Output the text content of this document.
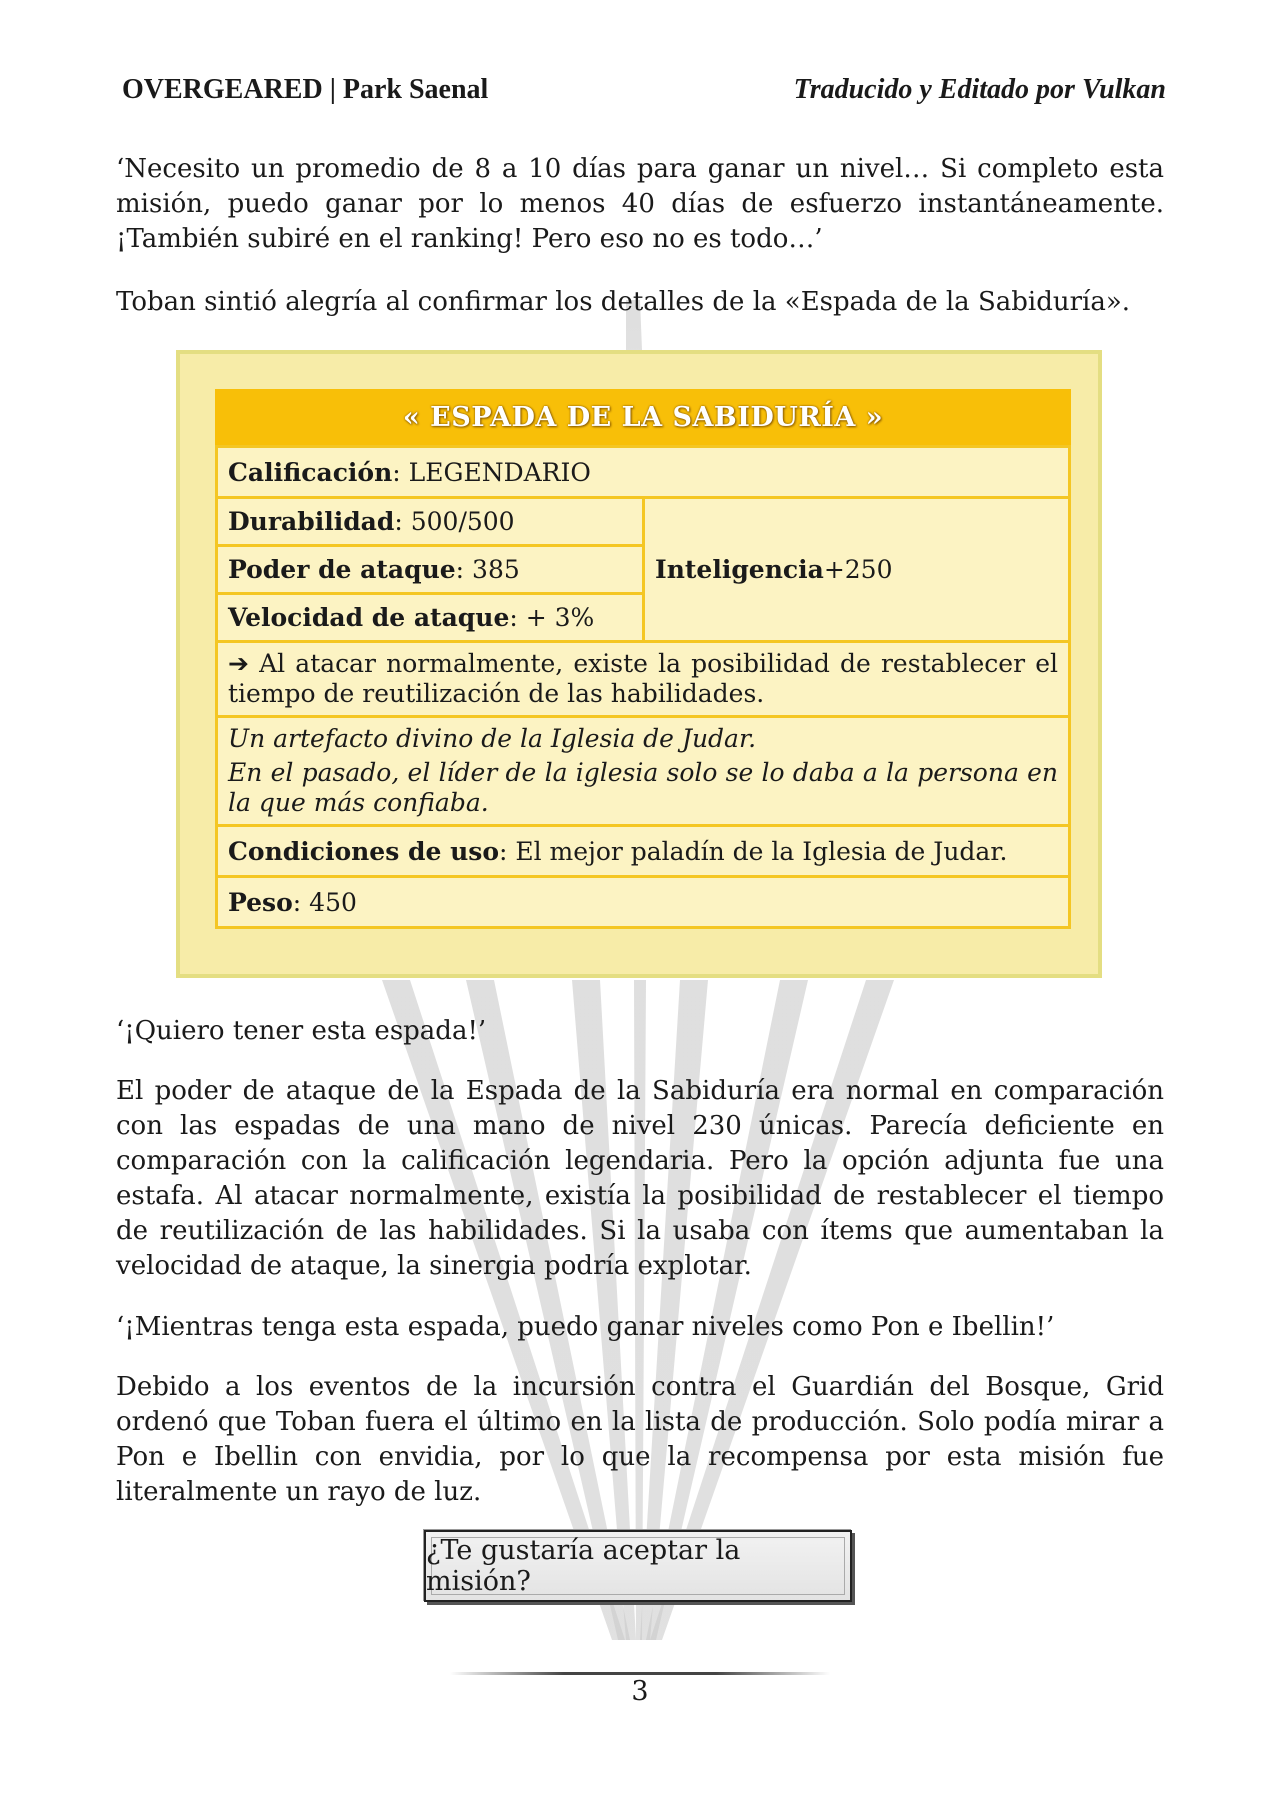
OVERGEARED | Park Saenal	Traducido y Editado por Vulkan
‘Necesito un promedio de 8 a 10 días para ganar un nivel… Si completo esta misión, puedo ganar por lo menos 40 días de esfuerzo instantáneamente. ¡También subiré en el ranking! Pero eso no es todo…’
Toban sintió alegría al confirmar los detalles de la «Espada de la Sabiduría».
« ESPADA DE LA SABIDURÍA »
Calificación : LEGENDARIO
Durabilidad : 500/500
Poder de ataque : 385
Velocidad de ataque : + 3%
Inteligencia +250
➔ Al atacar normalmente, existe la posibilidad de restablecer el tiempo de reutilización de las habilidades.
Un artefacto divino de la Iglesia de Judar.
En el pasado, el líder de la iglesia solo se lo daba a la persona en la que más confiaba.
Condiciones de uso : El mejor paladín de la Iglesia de Judar.
Peso : 450
‘¡Quiero tener esta espada!’
El poder de ataque de la Espada de la Sabiduría era normal en comparación con las espadas de una mano de nivel 230 únicas. Parecía deficiente en comparación con la calificación legendaria. Pero la opción adjunta fue una estafa. Al atacar normalmente, existía la posibilidad de restablecer el tiempo de reutilización de las habilidades. Si la usaba con ítems que aumentaban la velocidad de ataque, la sinergia podría explotar.
‘¡Mientras tenga esta espada, puedo ganar niveles como Pon e Ibellin!’
Debido a los eventos de la incursión contra el Guardián del Bosque, Grid ordenó que Toban fuera el último en la lista de producción. Solo podía mirar a Pon e Ibellin con envidia, por lo que la recompensa por esta misión fue literalmente un rayo de luz.
¿Te gustaría aceptar la misión?
3
